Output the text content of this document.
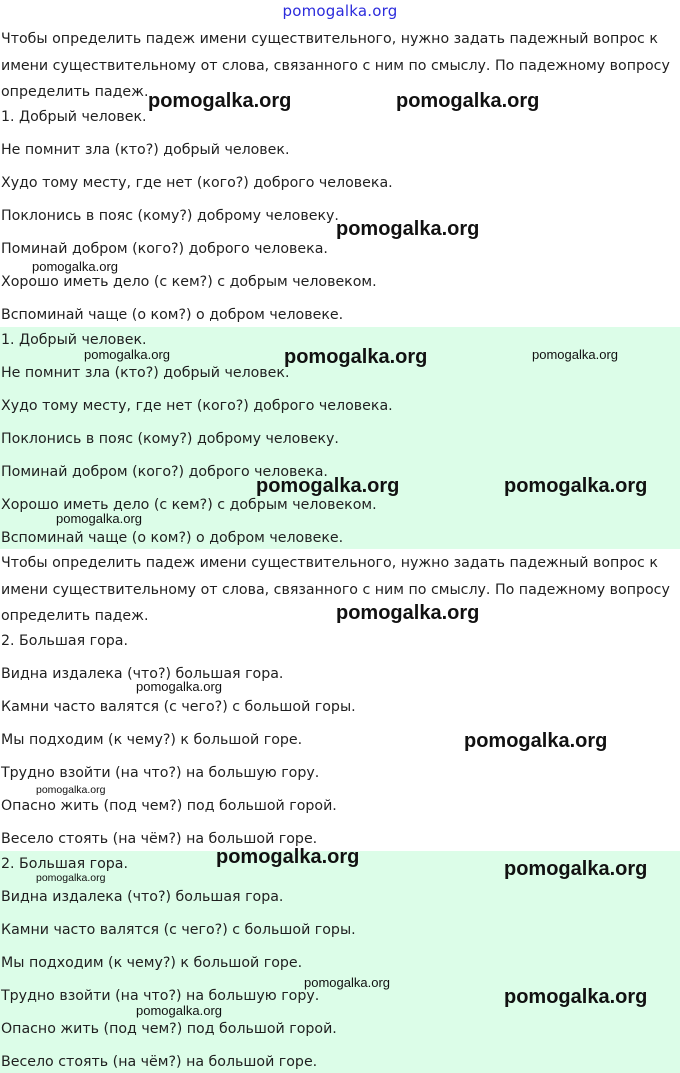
pomogalka.org
Чтобы определить падеж имени существительного, нужно задать падежный вопрос к
имени существительному от слова, связанного с ним по смыслу. По падежному вопросу
определить падеж.
1. Добрый человек.
Не помнит зла (кто?) добрый человек.
Худо тому месту, где нет (кого?) доброго человека.
Поклонись в пояс (кому?) доброму человеку.
Поминай добром (кого?) доброго человека.
Хорошо иметь дело (с кем?) с добрым человеком.
Вспоминай чаще (о ком?) о добром человеке.
1. Добрый человек.
Не помнит зла (кто?) добрый человек.
Худо тому месту, где нет (кого?) доброго человека.
Поклонись в пояс (кому?) доброму человеку.
Поминай добром (кого?) доброго человека.
Хорошо иметь дело (с кем?) с добрым человеком.
Вспоминай чаще (о ком?) о добром человеке.
Чтобы определить падеж имени существительного, нужно задать падежный вопрос к
имени существительному от слова, связанного с ним по смыслу. По падежному вопросу
определить падеж.
2. Большая гора.
Видна издалека (что?) большая гора.
Камни часто валятся (с чего?) с большой горы.
Мы подходим (к чему?) к большой горе.
Трудно взойти (на что?) на большую гору.
Опасно жить (под чем?) под большой горой.
Весело стоять (на чём?) на большой горе.
2. Большая гора.
Видна издалека (что?) большая гора.
Камни часто валятся (с чего?) с большой горы.
Мы подходим (к чему?) к большой горе.
Трудно взойти (на что?) на большую гору.
Опасно жить (под чем?) под большой горой.
Весело стоять (на чём?) на большой горе.
pomogalka.org	pomogalka.org
pomogalka.org
pomogalka.org
pomogalka.org	pomogalka.org	pomogalka.org
pomogalka.org	pomogalka.org
pomogalka.org
pomogalka.org
pomogalka.org
pomogalka.org
pomogalka.org
pomogalka.org
pomogalka.org	pomogalka.org
pomogalka.org
pomogalka.org
pomogalka.org
